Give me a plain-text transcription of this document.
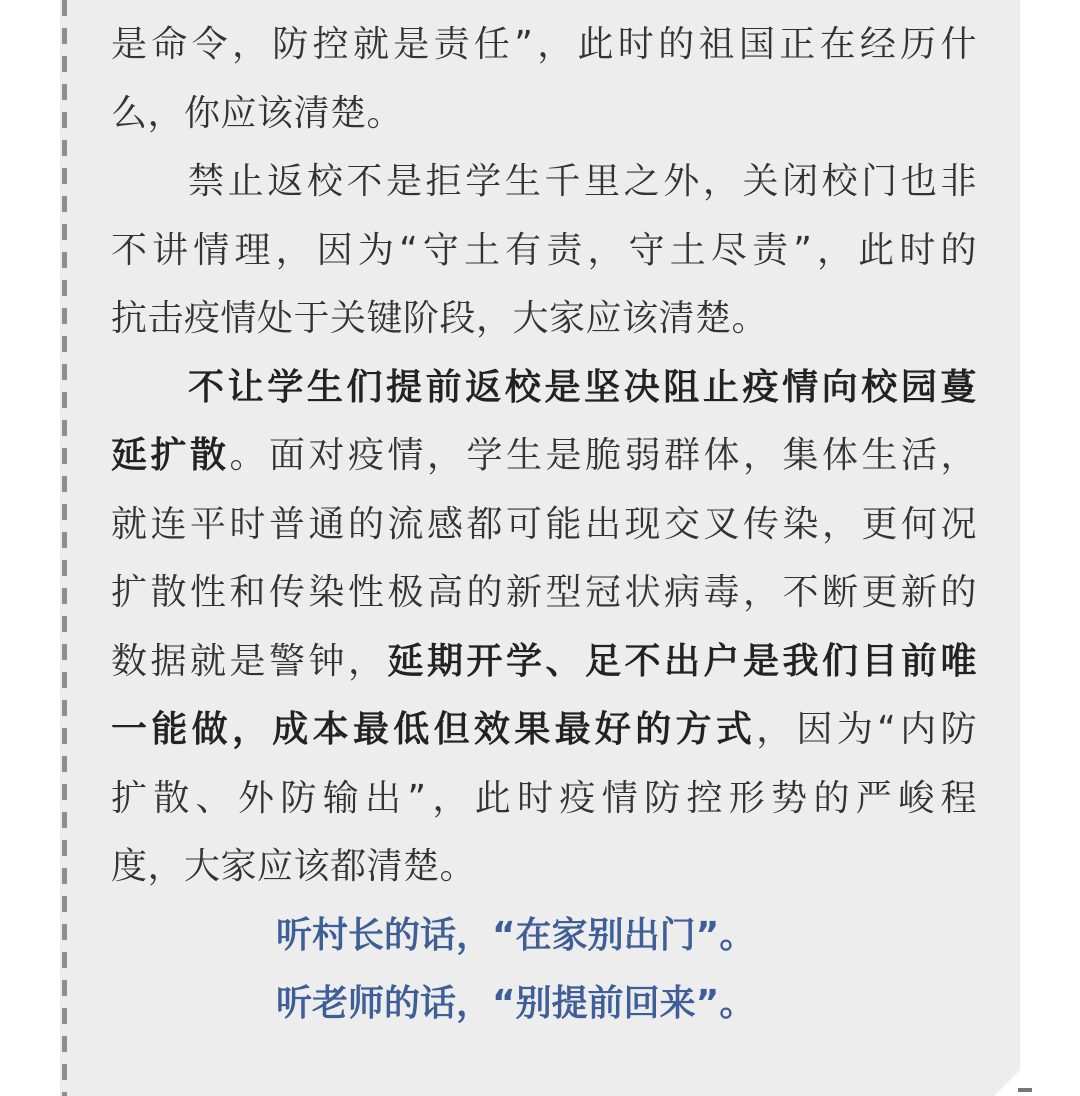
是命令，防控就是责任”，此时的祖国正在经历什
么，你应该清楚。
禁止返校不是拒学生千里之外，关闭校门也非
不讲情理，因为“守土有责，守土尽责”，此时的
抗击疫情处于关键阶段，大家应该清楚。
不让学生们提前返校是坚决阻止疫情向校园蔓
延扩散。面对疫情，学生是脆弱群体，集体生活，
就连平时普通的流感都可能出现交叉传染，更何况
扩散性和传染性极高的新型冠状病毒，不断更新的
数据就是警钟，延期开学、足不出户是我们目前唯
一能做，成本最低但效果最好的方式，因为“内防
扩散、外防输出”，此时疫情防控形势的严峻程
度，大家应该都清楚。
听村长的话，“在家别出门”。
听老师的话，“别提前回来”。
